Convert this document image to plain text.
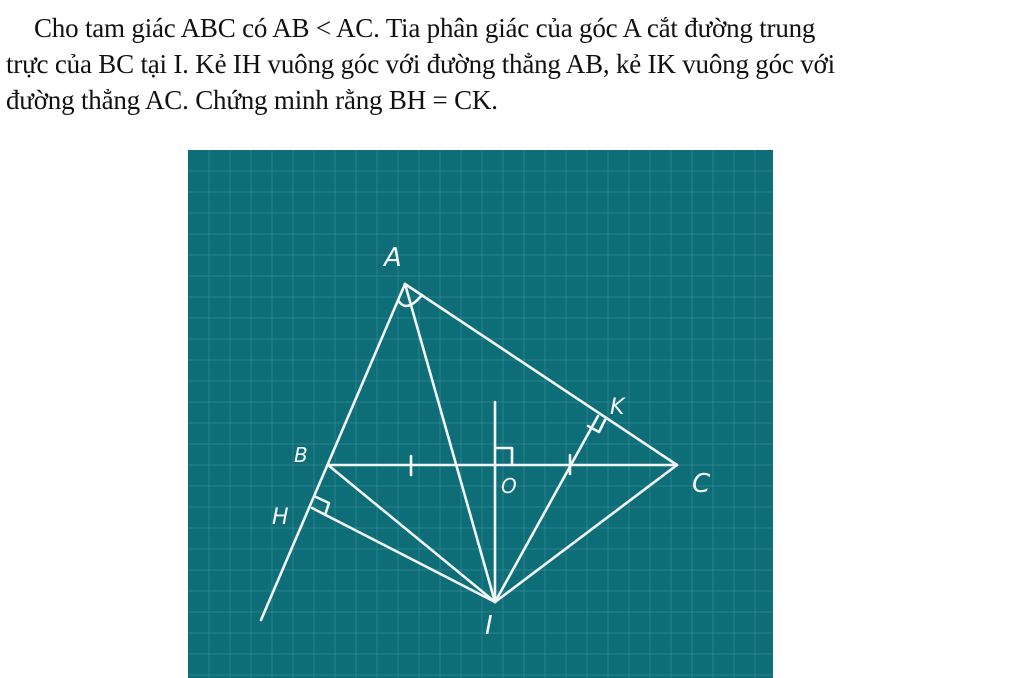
Cho tam giác ABC có AB < AC. Tia phân giác của góc A cắt đường trung
trực của BC tại I. Kẻ IH vuông góc với đường thẳng AB, kẻ IK vuông góc với
đường thẳng AC. Chứng minh rằng BH = CK.
A
B
C
H
K
O
I
